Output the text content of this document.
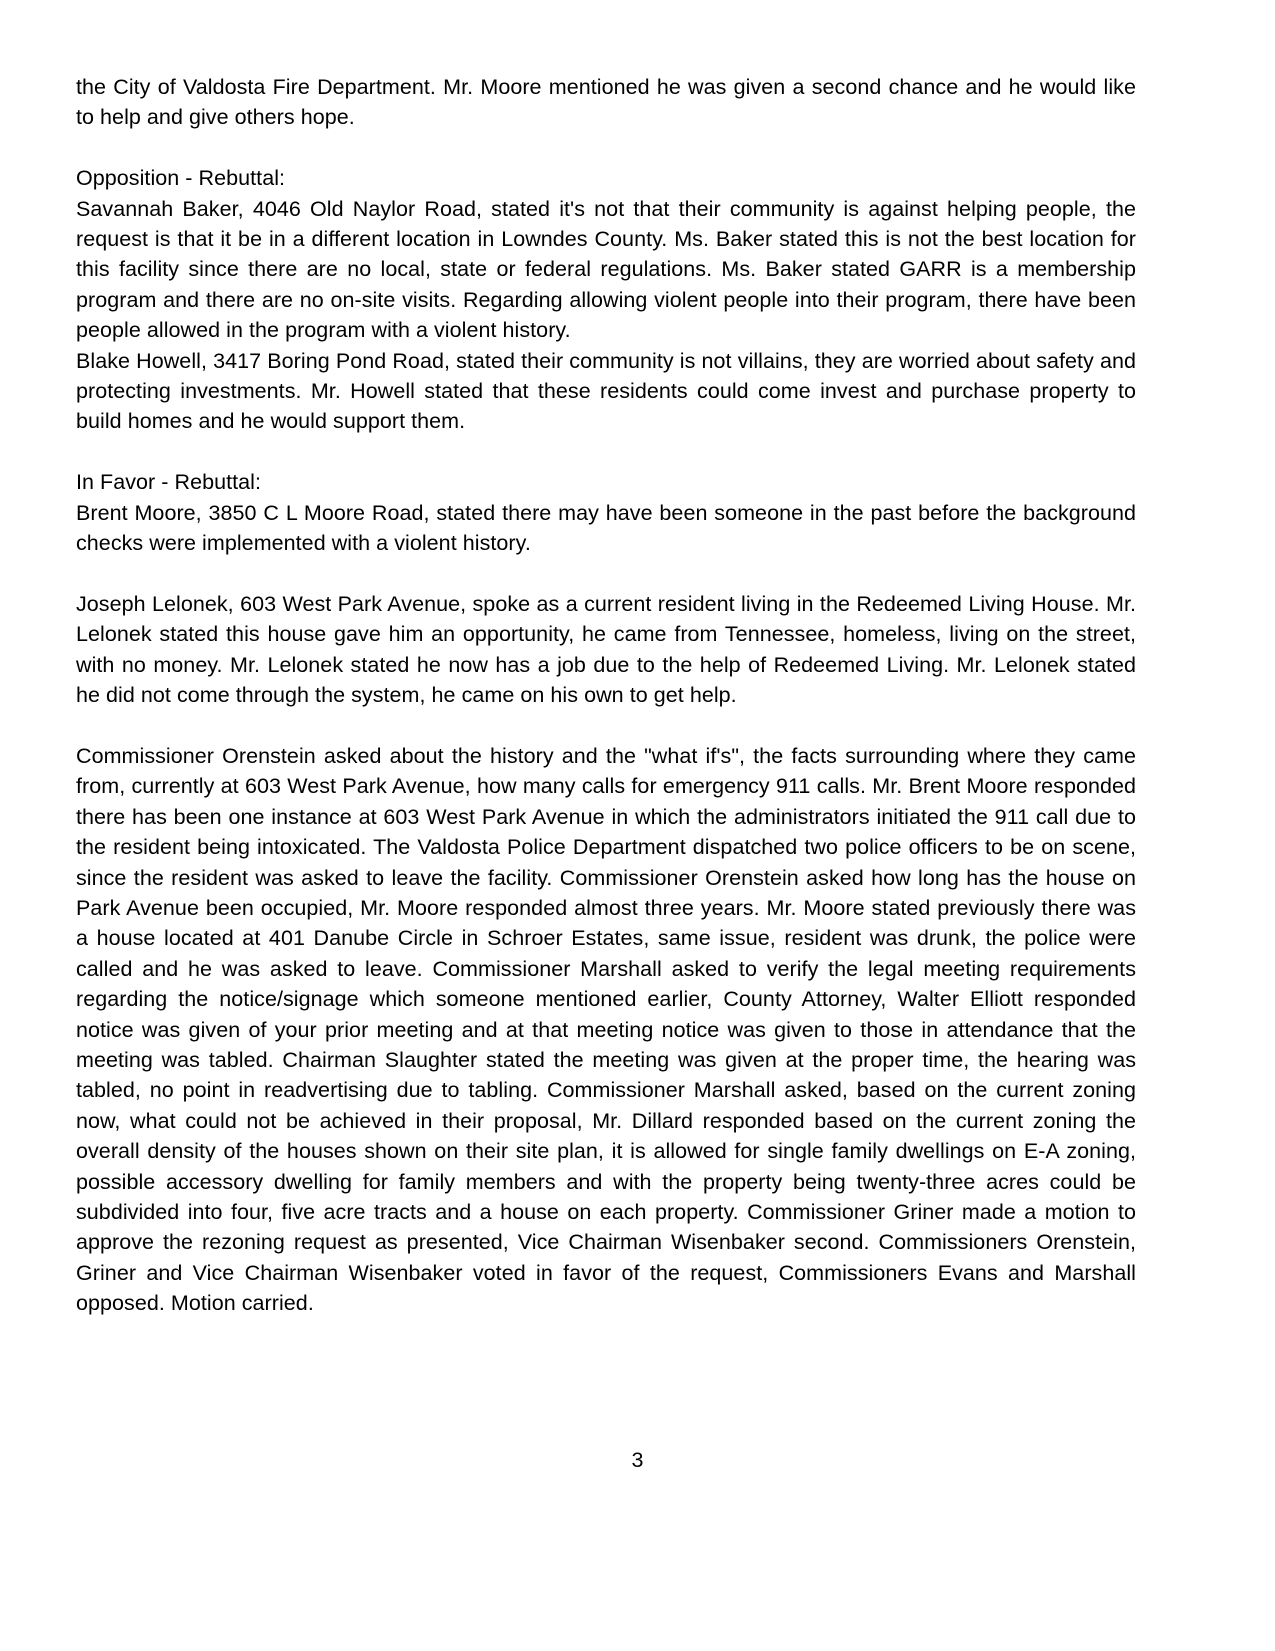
the City of Valdosta Fire Department. Mr. Moore mentioned he was given a second chance and he would like to help and give others hope.

Opposition - Rebuttal:

Savannah Baker, 4046 Old Naylor Road, stated it's not that their community is against helping people, the request is that it be in a different location in Lowndes County. Ms. Baker stated this is not the best location for this facility since there are no local, state or federal regulations. Ms. Baker stated GARR is a membership program and there are no on-site visits. Regarding allowing violent people into their program, there have been people allowed in the program with a violent history.

Blake Howell, 3417 Boring Pond Road, stated their community is not villains, they are worried about safety and protecting investments. Mr. Howell stated that these residents could come invest and purchase property to build homes and he would support them.

In Favor - Rebuttal:

Brent Moore, 3850 C L Moore Road, stated there may have been someone in the past before the background checks were implemented with a violent history.

Joseph Lelonek, 603 West Park Avenue, spoke as a current resident living in the Redeemed Living House. Mr. Lelonek stated this house gave him an opportunity, he came from Tennessee, homeless, living on the street, with no money. Mr. Lelonek stated he now has a job due to the help of Redeemed Living. Mr. Lelonek stated he did not come through the system, he came on his own to get help.

Commissioner Orenstein asked about the history and the "what if's", the facts surrounding where they came from, currently at 603 West Park Avenue, how many calls for emergency 911 calls. Mr. Brent Moore responded there has been one instance at 603 West Park Avenue in which the administrators initiated the 911 call due to the resident being intoxicated. The Valdosta Police Department dispatched two police officers to be on scene, since the resident was asked to leave the facility. Commissioner Orenstein asked how long has the house on Park Avenue been occupied, Mr. Moore responded almost three years. Mr. Moore stated previously there was a house located at 401 Danube Circle in Schroer Estates, same issue, resident was drunk, the police were called and he was asked to leave. Commissioner Marshall asked to verify the legal meeting requirements regarding the notice/signage which someone mentioned earlier, County Attorney, Walter Elliott responded notice was given of your prior meeting and at that meeting notice was given to those in attendance that the meeting was tabled. Chairman Slaughter stated the meeting was given at the proper time, the hearing was tabled, no point in readvertising due to tabling. Commissioner Marshall asked, based on the current zoning now, what could not be achieved in their proposal, Mr. Dillard responded based on the current zoning the overall density of the houses shown on their site plan, it is allowed for single family dwellings on E-A zoning, possible accessory dwelling for family members and with the property being twenty-three acres could be subdivided into four, five acre tracts and a house on each property. Commissioner Griner made a motion to approve the rezoning request as presented, Vice Chairman Wisenbaker second. Commissioners Orenstein, Griner and Vice Chairman Wisenbaker voted in favor of the request, Commissioners Evans and Marshall opposed. Motion carried.

3
